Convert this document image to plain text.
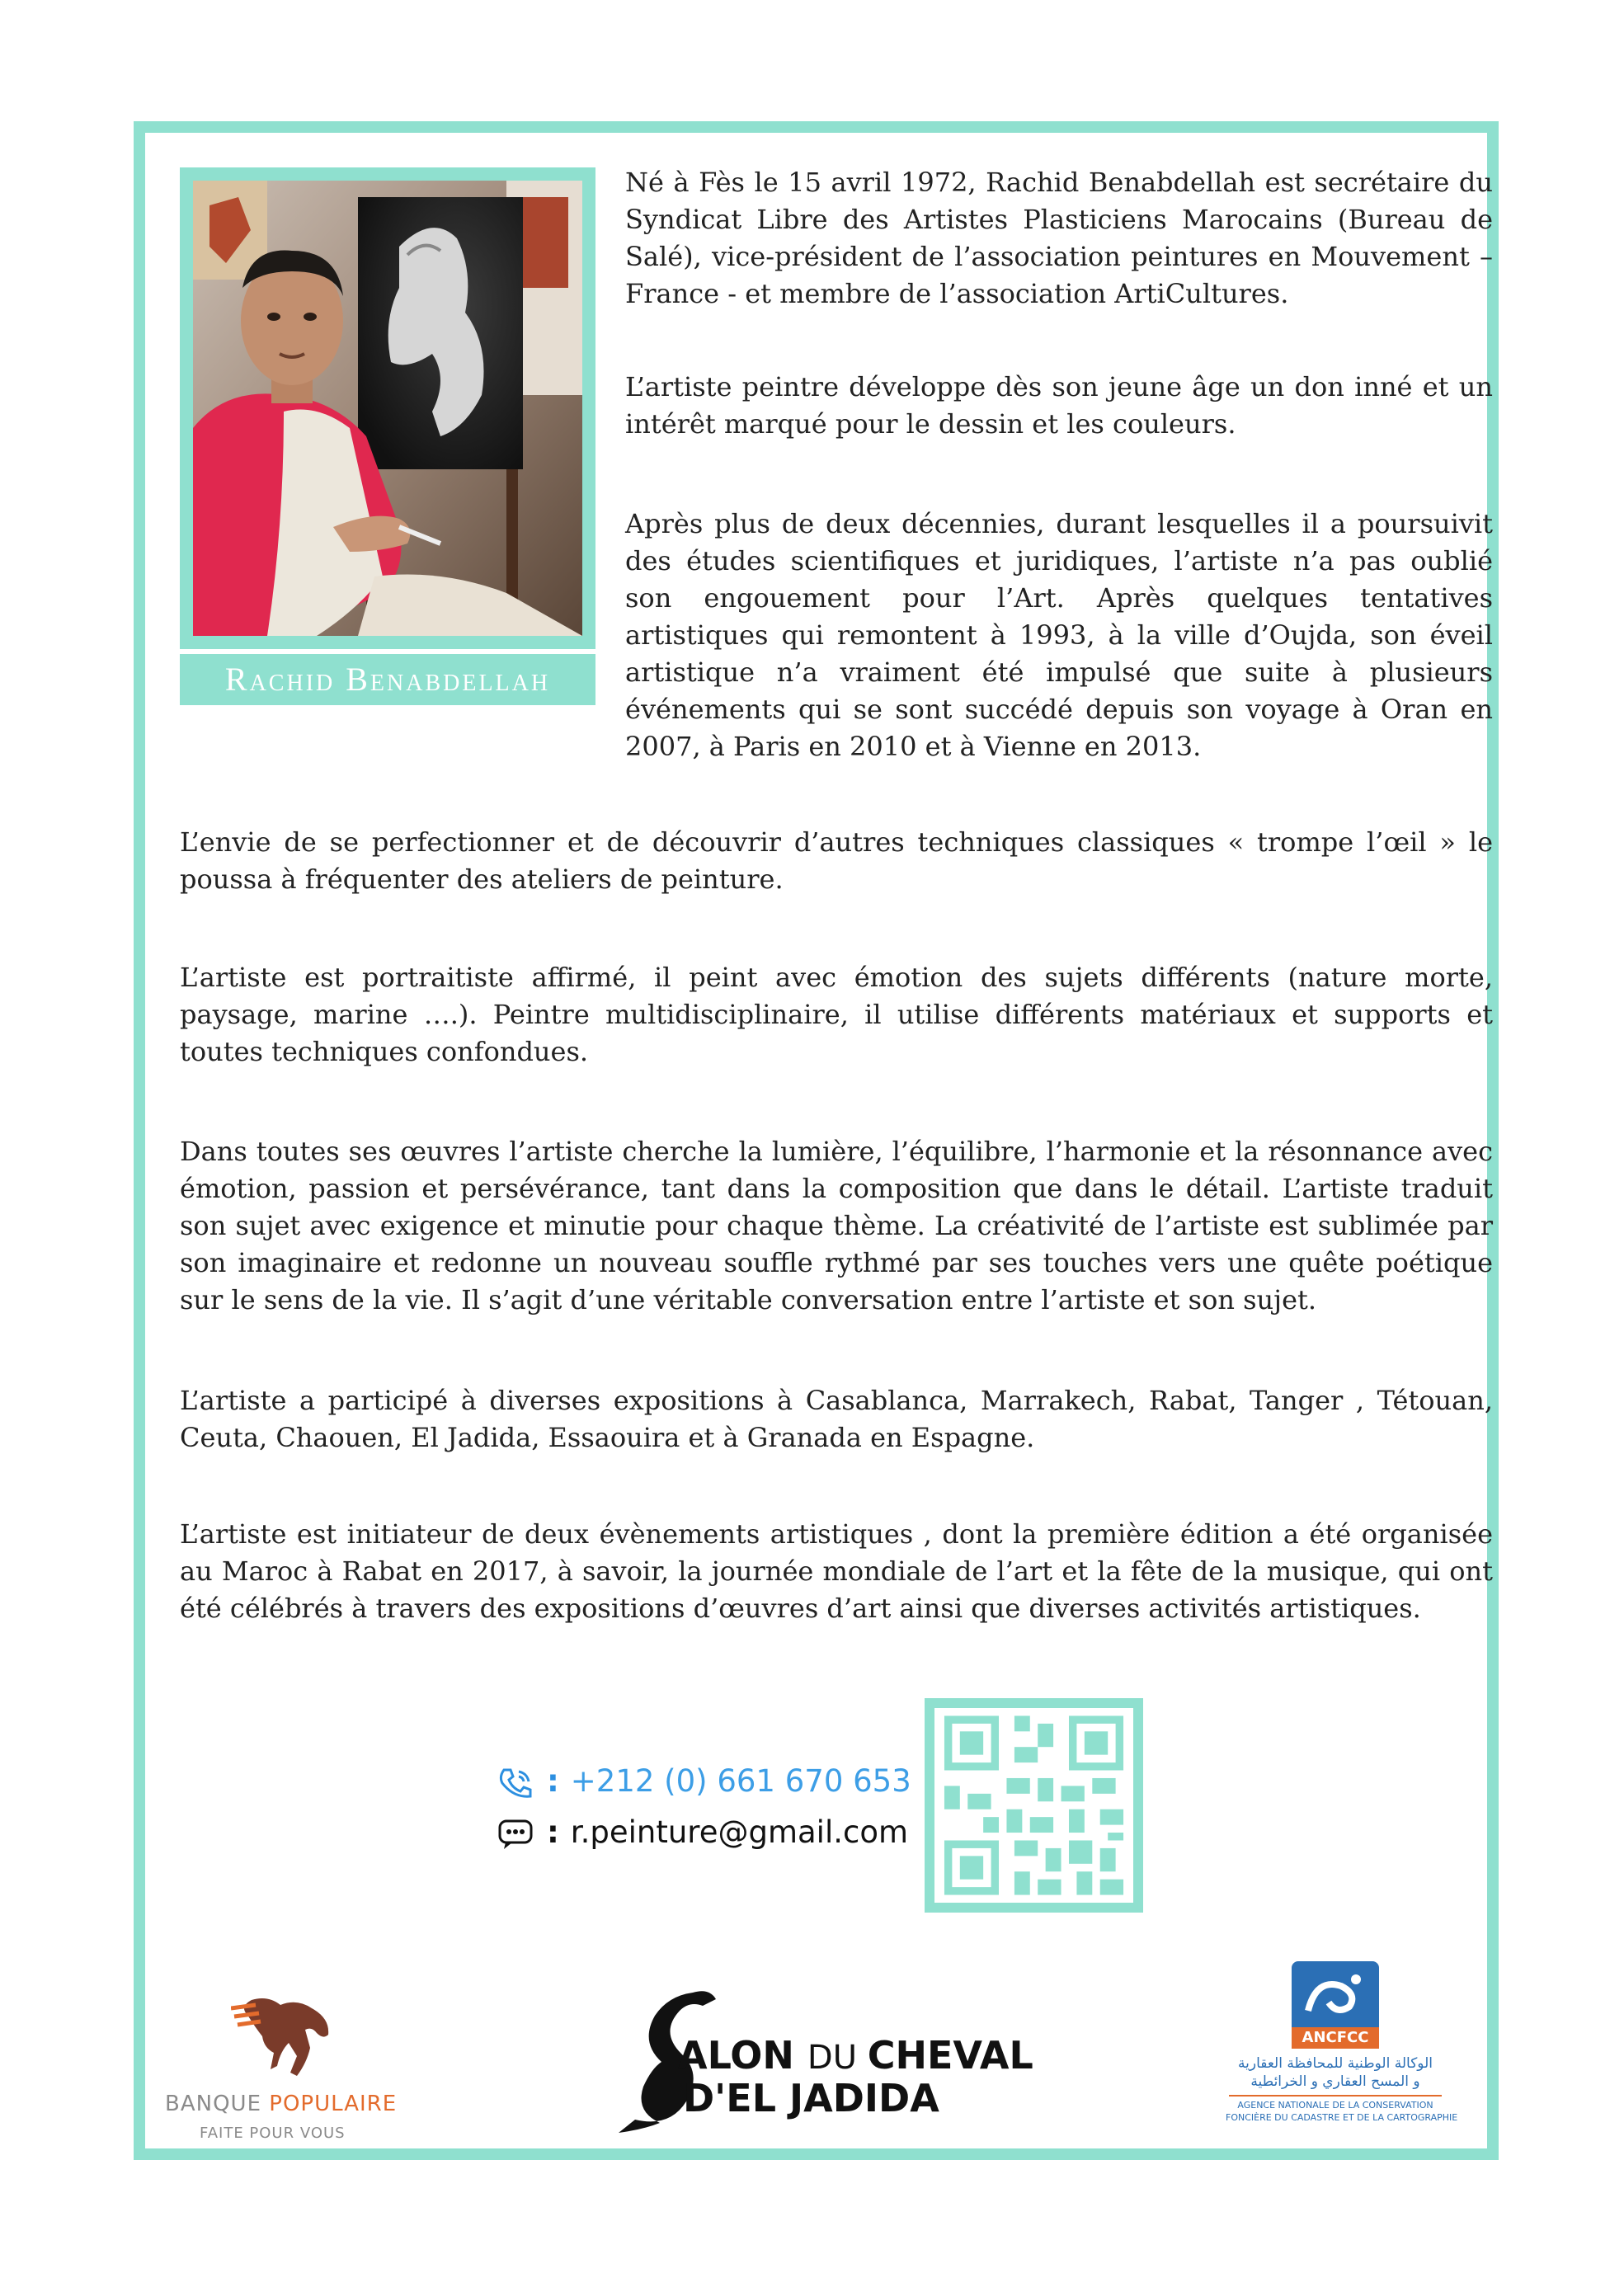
Rachid Benabdellah

Né à Fès le 15 avril 1972, Rachid Benabdellah est secrétaire du Syndicat Libre des Artistes Plasticiens Marocains (Bureau de Salé), vice-président de l’association peintures en Mouvement – France - et membre de l’association ArtiCultures.

L’artiste peintre développe dès son jeune âge un don inné et un intérêt marqué pour le dessin et les couleurs.

Après plus de deux décennies, durant lesquelles il a poursuivit des études scientifiques et juridiques, l’artiste n’a pas oublié son engouement pour l’Art. Après quelques tentatives artistiques qui remontent à 1993, à la ville d’Oujda, son éveil artistique n’a vraiment été impulsé que suite à plusieurs événements qui se sont succédé depuis son voyage à Oran en 2007, à Paris en 2010 et à Vienne en 2013.

L’envie de se perfectionner et de découvrir d’autres techniques classiques « trompe l’œil » le poussa à fréquenter des ateliers de peinture.

L’artiste est portraitiste affirmé, il peint avec émotion des sujets différents (nature morte, paysage, marine ….). Peintre multidisciplinaire, il utilise différents matériaux et supports et toutes techniques confondues.

Dans toutes ses œuvres l’artiste cherche la lumière, l’équilibre, l’harmonie et la résonnance avec émotion, passion et persévérance, tant dans la composition que dans le détail. L’artiste traduit son sujet avec exigence et minutie pour chaque thème. La créativité de l’artiste est sublimée par son imaginaire et redonne un nouveau souffle rythmé par ses touches vers une quête poétique sur le sens de la vie. Il s’agit d’une véritable conversation entre l’artiste et son sujet.

L’artiste a participé à diverses expositions à Casablanca, Marrakech, Rabat, Tanger , Tétouan, Ceuta, Chaouen, El Jadida, Essaouira et à Granada en Espagne.

L’artiste est initiateur de deux évènements artistiques , dont la première édition a été organisée au Maroc à Rabat en 2017, à savoir, la journée mondiale de l’art et la fête de la musique, qui ont été célébrés à travers des expositions d’œuvres d’art ainsi que diverses activités artistiques.

: +212 (0) 661 670 653
: r.peinture@gmail.com
BANQUE POPULAIRE
FAITE POUR VOUS
ALON DU CHEVAL
D'EL JADIDA
ANCFCC
الوكالة الوطنية للمحافظة العقارية
و المسح العقاري و الخرائطية
AGENCE NATIONALE DE LA CONSERVATION
FONCIÈRE DU CADASTRE ET DE LA CARTOGRAPHIE
